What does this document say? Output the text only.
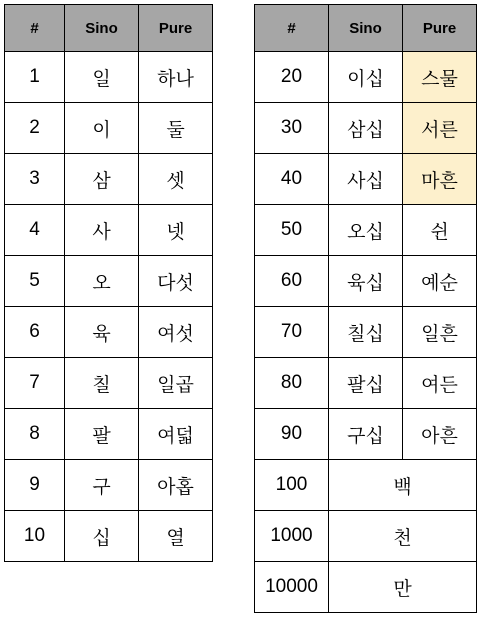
#	Sino	Pure
1	일	하나
2	이	둘
3	삼	셋
4	사	넷
5	오	다섯
6	육	여섯
7	칠	일곱
8	팔	여덟
9	구	아홉
10	십	열
#	Sino	Pure
20	이십	스물
30	삼십	서른
40	사십	마흔
50	오십	쉰
60	육십	예순
70	칠십	일흔
80	팔십	여든
90	구십	아흔
100	백	
1000	천	
10000	만	
